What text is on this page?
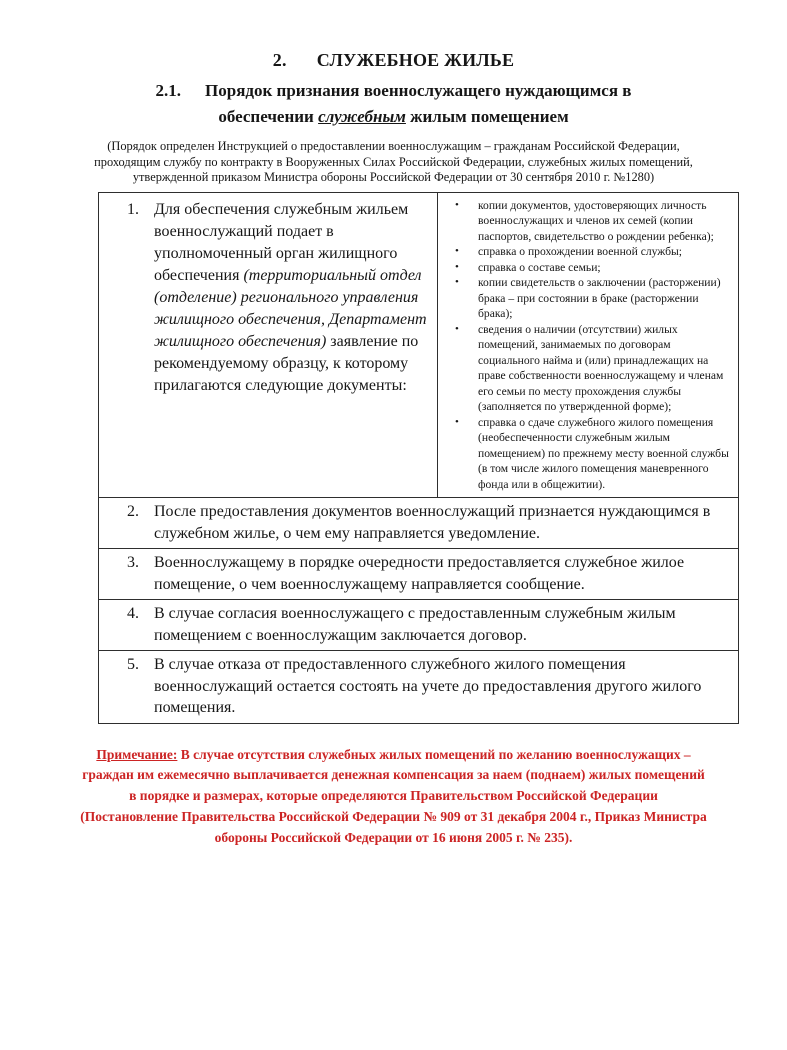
2. СЛУЖЕБНОЕ ЖИЛЬЕ
2.1. Порядок признания военнослужащего нуждающимся в
обеспечении служебным жилым помещением

(Порядок определен Инструкцией о предоставлении военнослужащим – гражданам Российской Федерации, проходящим службу по контракту в Вооруженных Силах Российской Федерации, служебных жилых помещений, утвержденной приказом Министра обороны Российской Федерации от 30 сентября 2010 г. №1280)

1. Для обеспечения служебным жильем военнослужащий подает в уполномоченный орган жилищного обеспечения (территориальный отдел (отделение) регионального управления жилищного обеспечения, Департамент жилищного обеспечения) заявление по рекомендуемому образцу, к которому прилагаются следующие документы:
•	копии документов, удостоверяющих личность военнослужащих и членов их семей (копии паспортов, свидетельство о рождении ребенка);
•	справка о прохождении военной службы;
•	справка о составе семьи;
•	копии свидетельств о заключении (расторжении) брака – при состоянии в браке (расторжении брака);
•	сведения о наличии (отсутствии) жилых помещений, занимаемых по договорам социального найма и (или) принадлежащих на праве собственности военнослужащему и членам его семьи по месту прохождения службы (заполняется по утвержденной форме);
•	справка о сдаче служебного жилого помещения (необеспеченности служебным жилым помещением) по прежнему месту военной службы (в том числе жилого помещения маневренного фонда или в общежитии).
2. После предоставления документов военнослужащий признается нуждающимся в служебном жилье, о чем ему направляется уведомление.
3. Военнослужащему в порядке очередности предоставляется служебное жилое помещение, о чем военнослужащему направляется сообщение.
4. В случае согласия военнослужащего с предоставленным служебным жилым помещением с военнослужащим заключается договор.
5. В случае отказа от предоставленного служебного жилого помещения военнослужащий остается состоять на учете до предоставления другого жилого помещения.

Примечание: В случае отсутствия служебных жилых помещений по желанию военнослужащих – граждан им ежемесячно выплачивается денежная компенсация за наем (поднаем) жилых помещений в порядке и размерах, которые определяются Правительством Российской Федерации (Постановление Правительства Российской Федерации № 909 от 31 декабря 2004 г., Приказ Министра обороны Российской Федерации от 16 июня 2005 г. № 235).
